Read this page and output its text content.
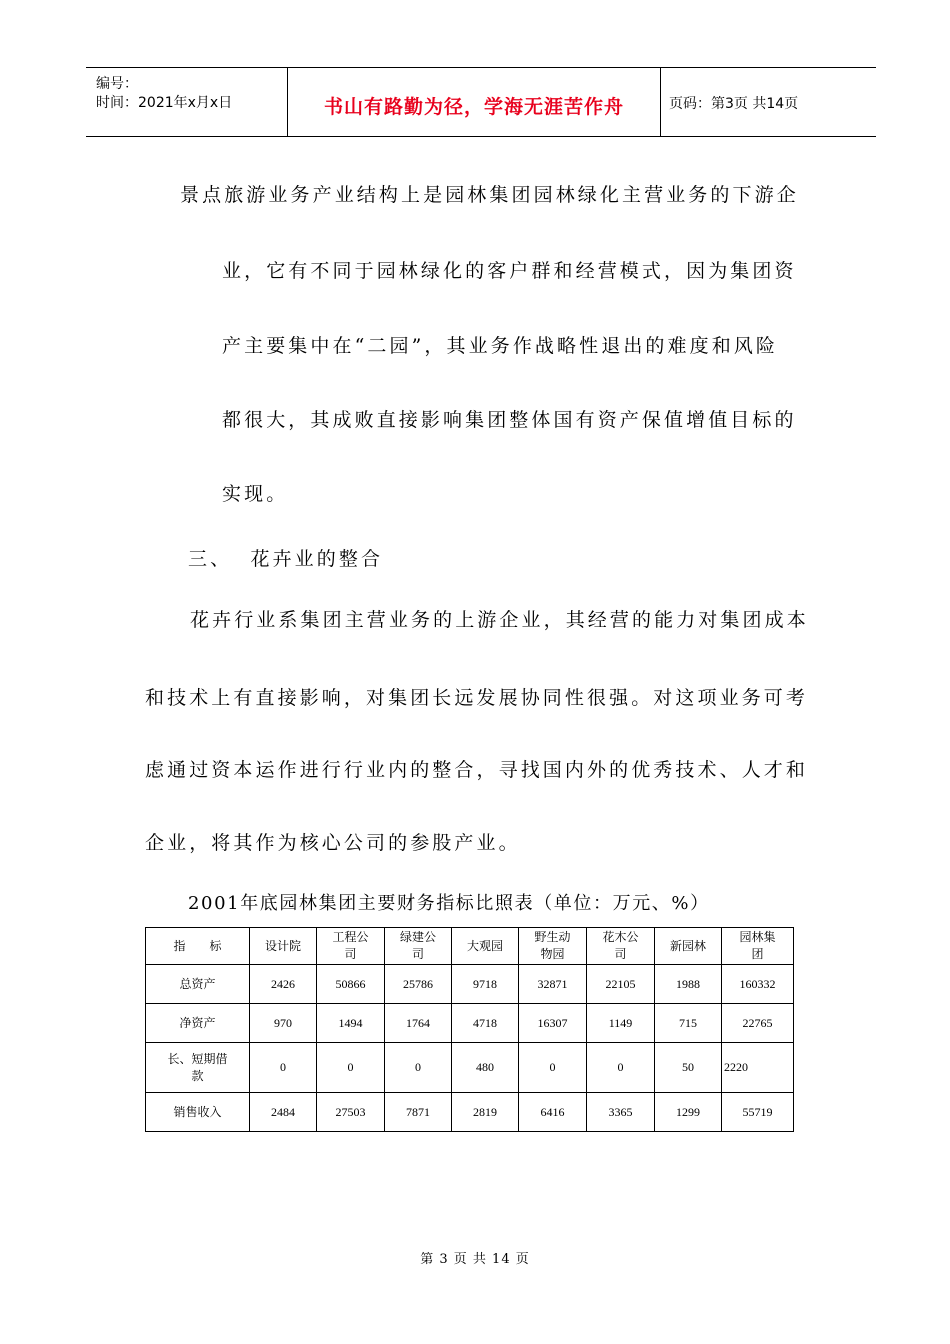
编号：
时间：2021年x月x日	书山有路勤为径，学海无涯苦作舟	页码：第3页 共14页
景点旅游业务产业结构上是园林集团园林绿化主营业务的下游企
业，它有不同于园林绿化的客户群和经营模式，因为集团资
产主要集中在“二园”，其业务作战略性退出的难度和风险
都很大，其成败直接影响集团整体国有资产保值增值目标的
实现。
三、  花卉业的整合
花卉行业系集团主营业务的上游企业，其经营的能力对集团成本
和技术上有直接影响，对集团长远发展协同性很强。对这项业务可考
虑通过资本运作进行行业内的整合，寻找国内外的优秀技术、人才和
企业，将其作为核心公司的参股产业。
2001年底园林集团主要财务指标比照表（单位：万元、%）
指　　标	设计院	工程公司	绿建公司	大观园	野生动物园	花木公司	新园林	园林集团
总资产	2426	50866	25786	9718	32871	22105	1988	160332
净资产	970	1494	1764	4718	16307	1149	715	22765
长、短期借款	0	0	0	480	0	0	50	2220
销售收入	2484	27503	7871	2819	6416	3365	1299	55719
第 3 页 共 14 页
